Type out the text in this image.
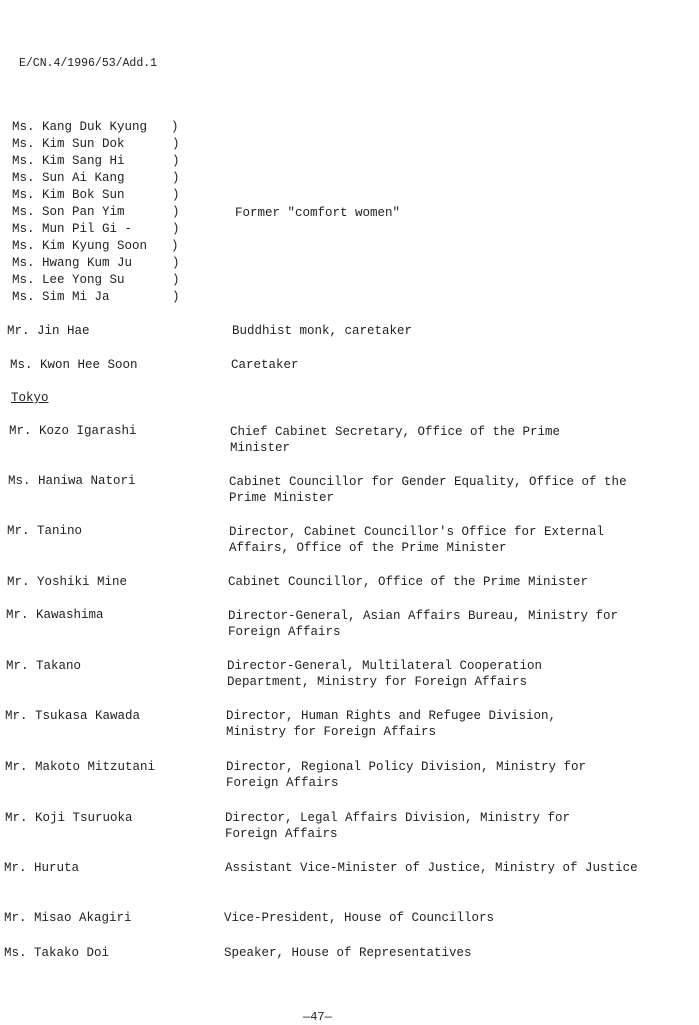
E/CN.4/1996/53/Add.1
Ms. Kang Duk Kyung )
Ms. Kim Sun Dok	)
Ms. Kim Sang Hi	)
Ms. Sun Ai Kang	)
Ms. Kim Bok Sun	)
Ms. Son Pan Yim	)
Ms. Mun Pil Gi -	)
Ms. Kim Kyung Soon )
Ms. Hwang Kum Ju	)
Ms. Lee Yong Su	)
Ms. Sim Mi Ja	)
Former "comfort women"
Mr. Jin Hae	Buddhist monk, caretaker
Ms. Kwon Hee Soon	Caretaker
Tokyo
Mr. Kozo Igarashi	Chief Cabinet Secretary, Office of the Prime Minister
Ms. Haniwa Natori	Cabinet Councillor for Gender Equality, Office of the Prime Minister
Mr. Tanino	Director, Cabinet Councillor's Office for External Affairs, Office of the Prime Minister
Mr. Yoshiki Mine	Cabinet Councillor, Office of the Prime Minister
Mr. Kawashima	Director-General, Asian Affairs Bureau, Ministry for Foreign Affairs
Mr. Takano	Director-General, Multilateral Cooperation Department, Ministry for Foreign Affairs
Mr. Tsukasa Kawada	Director, Human Rights and Refugee Division, Ministry for Foreign Affairs
Mr. Makoto Mitzutani	Director, Regional Policy Division, Ministry for Foreign Affairs
Mr. Koji Tsuruoka	Director, Legal Affairs Division, Ministry for Foreign Affairs
Mr. Huruta	Assistant Vice-Minister of Justice, Ministry of Justice
Mr. Misao Akagiri	Vice-President, House of Councillors
Ms. Takako Doi	Speaker, House of Representatives
—47—
